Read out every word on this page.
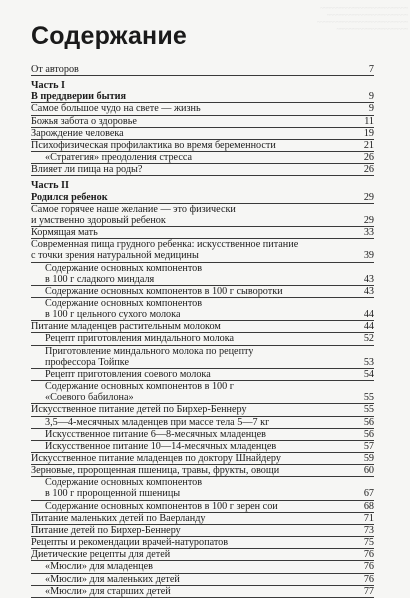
Содержание
~~~~~~~~~~~~~~~~~~~~~~~~~~~
~~~~~~~~~~~~~~~~~~~~~~~~~
~~~~~~~~~~~~~~~~~~~~~~~~~~~~
~~~~~~~~~~~~~~~~~~~~~~
От авторов	7
Часть I
В преддверии бытия	9
Самое большое чудо на свете — жизнь	9
Божья забота о здоровье	11
Зарождение человека	19
Психофизическая профилактика во время беременности	21
«Стратегия» преодоления стресса	26
Влияет ли пища на роды?	26
Часть II
Родился ребенок	29
Самое горячее наше желание — это физически
и умственно здоровый ребенок	29
Кормящая мать	33
Современная пища грудного ребенка: искусственное питание
с точки зрения натуральной медицины	39
Содержание основных компонентов
в 100 г сладкого миндаля	43
Содержание основных компонентов в 100 г сыворотки	43
Содержание основных компонентов
в 100 г цельного сухого молока	44
Питание младенцев растительным молоком	44
Рецепт приготовления миндального молока	52
Приготовление миндального молока по рецепту
профессора Тойпке	53
Рецепт приготовления соевого молока	54
Содержание основных компонентов в 100 г
«Соевого бабилона»	55
Искусственное питание детей по Бирхер-Беннеру	55
3,5—4-месячных младенцев при массе тела 5—7 кг	56
Искусственное питание 6—8-месячных младенцев	56
Искусственное питание 10—14-месячных младенцев	57
Искусственное питание младенцев по доктору Шнайдеру	59
Зерновые, пророщенная пшеница, травы, фрукты, овощи	60
Содержание основных компонентов
в 100 г пророщенной пшеницы	67
Содержание основных компонентов в 100 г зерен сои	68
Питание маленьких детей по Ваерланду	71
Питание детей по Бирхер-Беннеру	73
Рецепты и рекомендации врачей-натуропатов	75
Диетические рецепты для детей	76
«Мюсли» для младенцев	76
«Мюсли» для маленьких детей	76
«Мюсли» для старших детей	77
